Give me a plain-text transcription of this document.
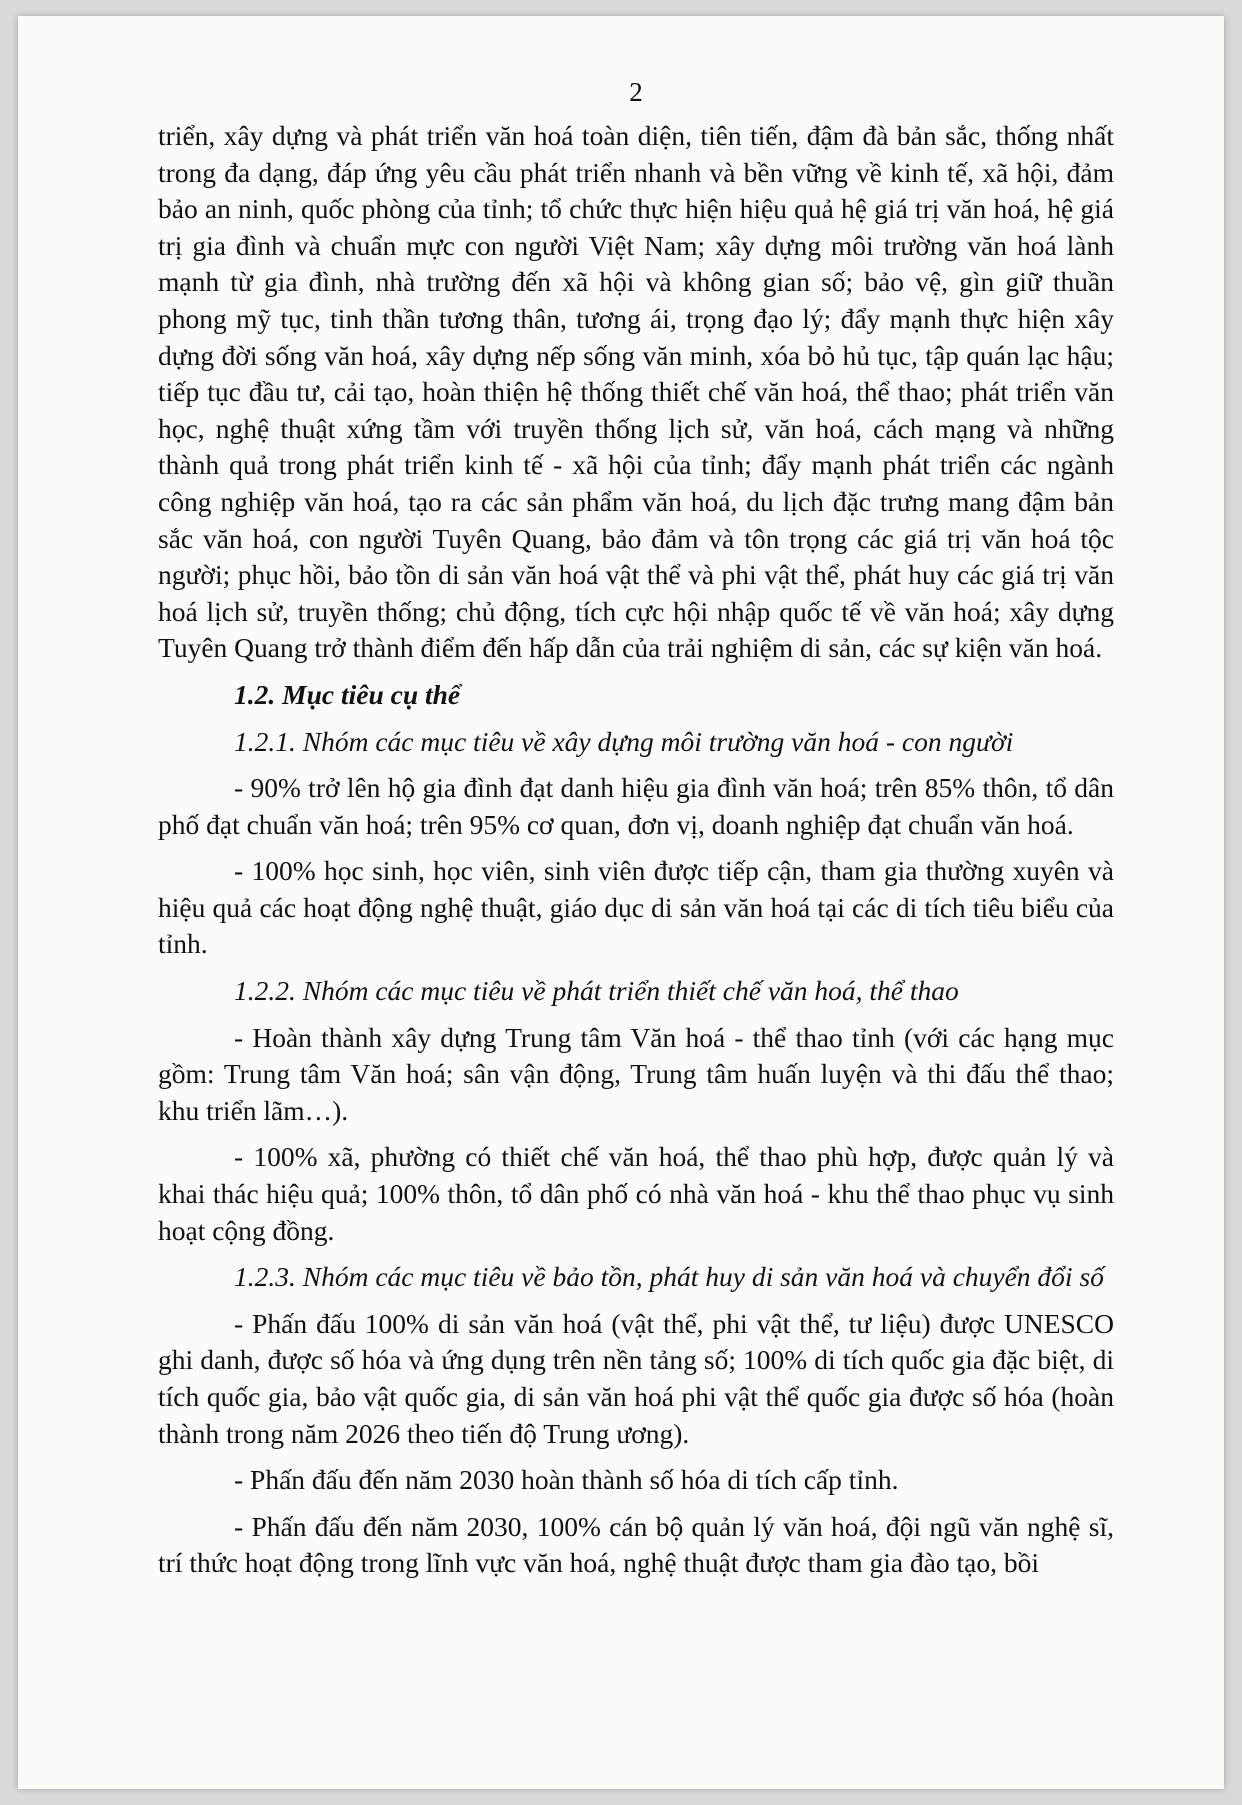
2

triển, xây dựng và phát triển văn hoá toàn diện, tiên tiến, đậm đà bản sắc, thống nhất trong đa dạng, đáp ứng yêu cầu phát triển nhanh và bền vững về kinh tế, xã hội, đảm bảo an ninh, quốc phòng của tỉnh; tổ chức thực hiện hiệu quả hệ giá trị văn hoá, hệ giá trị gia đình và chuẩn mực con người Việt Nam; xây dựng môi trường văn hoá lành mạnh từ gia đình, nhà trường đến xã hội và không gian số; bảo vệ, gìn giữ thuần phong mỹ tục, tinh thần tương thân, tương ái, trọng đạo lý; đẩy mạnh thực hiện xây dựng đời sống văn hoá, xây dựng nếp sống văn minh, xóa bỏ hủ tục, tập quán lạc hậu; tiếp tục đầu tư, cải tạo, hoàn thiện hệ thống thiết chế văn hoá, thể thao; phát triển văn học, nghệ thuật xứng tầm với truyền thống lịch sử, văn hoá, cách mạng và những thành quả trong phát triển kinh tế - xã hội của tỉnh; đẩy mạnh phát triển các ngành công nghiệp văn hoá, tạo ra các sản phẩm văn hoá, du lịch đặc trưng mang đậm bản sắc văn hoá, con người Tuyên Quang, bảo đảm và tôn trọng các giá trị văn hoá tộc người; phục hồi, bảo tồn di sản văn hoá vật thể và phi vật thể, phát huy các giá trị văn hoá lịch sử, truyền thống; chủ động, tích cực hội nhập quốc tế về văn hoá; xây dựng Tuyên Quang trở thành điểm đến hấp dẫn của trải nghiệm di sản, các sự kiện văn hoá.

1.2. Mục tiêu cụ thể

1.2.1. Nhóm các mục tiêu về xây dựng môi trường văn hoá - con người

- 90% trở lên hộ gia đình đạt danh hiệu gia đình văn hoá; trên 85% thôn, tổ dân phố đạt chuẩn văn hoá; trên 95% cơ quan, đơn vị, doanh nghiệp đạt chuẩn văn hoá.

- 100% học sinh, học viên, sinh viên được tiếp cận, tham gia thường xuyên và hiệu quả các hoạt động nghệ thuật, giáo dục di sản văn hoá tại các di tích tiêu biểu của tỉnh.

1.2.2. Nhóm các mục tiêu về phát triển thiết chế văn hoá, thể thao

- Hoàn thành xây dựng Trung tâm Văn hoá - thể thao tỉnh (với các hạng mục gồm: Trung tâm Văn hoá; sân vận động, Trung tâm huấn luyện và thi đấu thể thao; khu triển lãm…).

- 100% xã, phường có thiết chế văn hoá, thể thao phù hợp, được quản lý và khai thác hiệu quả; 100% thôn, tổ dân phố có nhà văn hoá - khu thể thao phục vụ sinh hoạt cộng đồng.

1.2.3. Nhóm các mục tiêu về bảo tồn, phát huy di sản văn hoá và chuyển đổi số

- Phấn đấu 100% di sản văn hoá (vật thể, phi vật thể, tư liệu) được UNESCO ghi danh, được số hóa và ứng dụng trên nền tảng số; 100% di tích quốc gia đặc biệt, di tích quốc gia, bảo vật quốc gia, di sản văn hoá phi vật thể quốc gia được số hóa (hoàn thành trong năm 2026 theo tiến độ Trung ương).

- Phấn đấu đến năm 2030 hoàn thành số hóa di tích cấp tỉnh.

- Phấn đấu đến năm 2030, 100% cán bộ quản lý văn hoá, đội ngũ văn nghệ sĩ, trí thức hoạt động trong lĩnh vực văn hoá, nghệ thuật được tham gia đào tạo, bồi
